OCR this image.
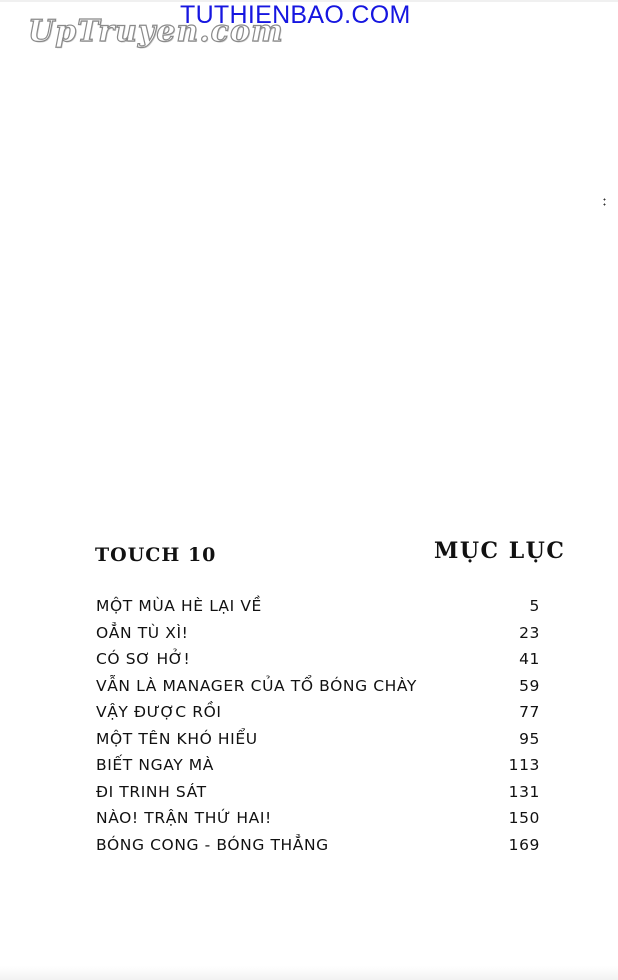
UpTruyen.com
TUTHIENBAO.COM
TOUCH 10	MỤC LỤC
MỘT MÙA HÈ LẠI VỀ	5
OẲN TÙ XÌ!	23
CÓ SƠ HỞ!	41
VẪN LÀ MANAGER CỦA TỔ BÓNG CHÀY	59
VẬY ĐƯỢC RỒI	77
MỘT TÊN KHÓ HIỂU	95
BIẾT NGAY MÀ	113
ĐI TRINH SÁT	131
NÀO! TRẬN THỨ HAI!	150
BÓNG CONG - BÓNG THẲNG	169
